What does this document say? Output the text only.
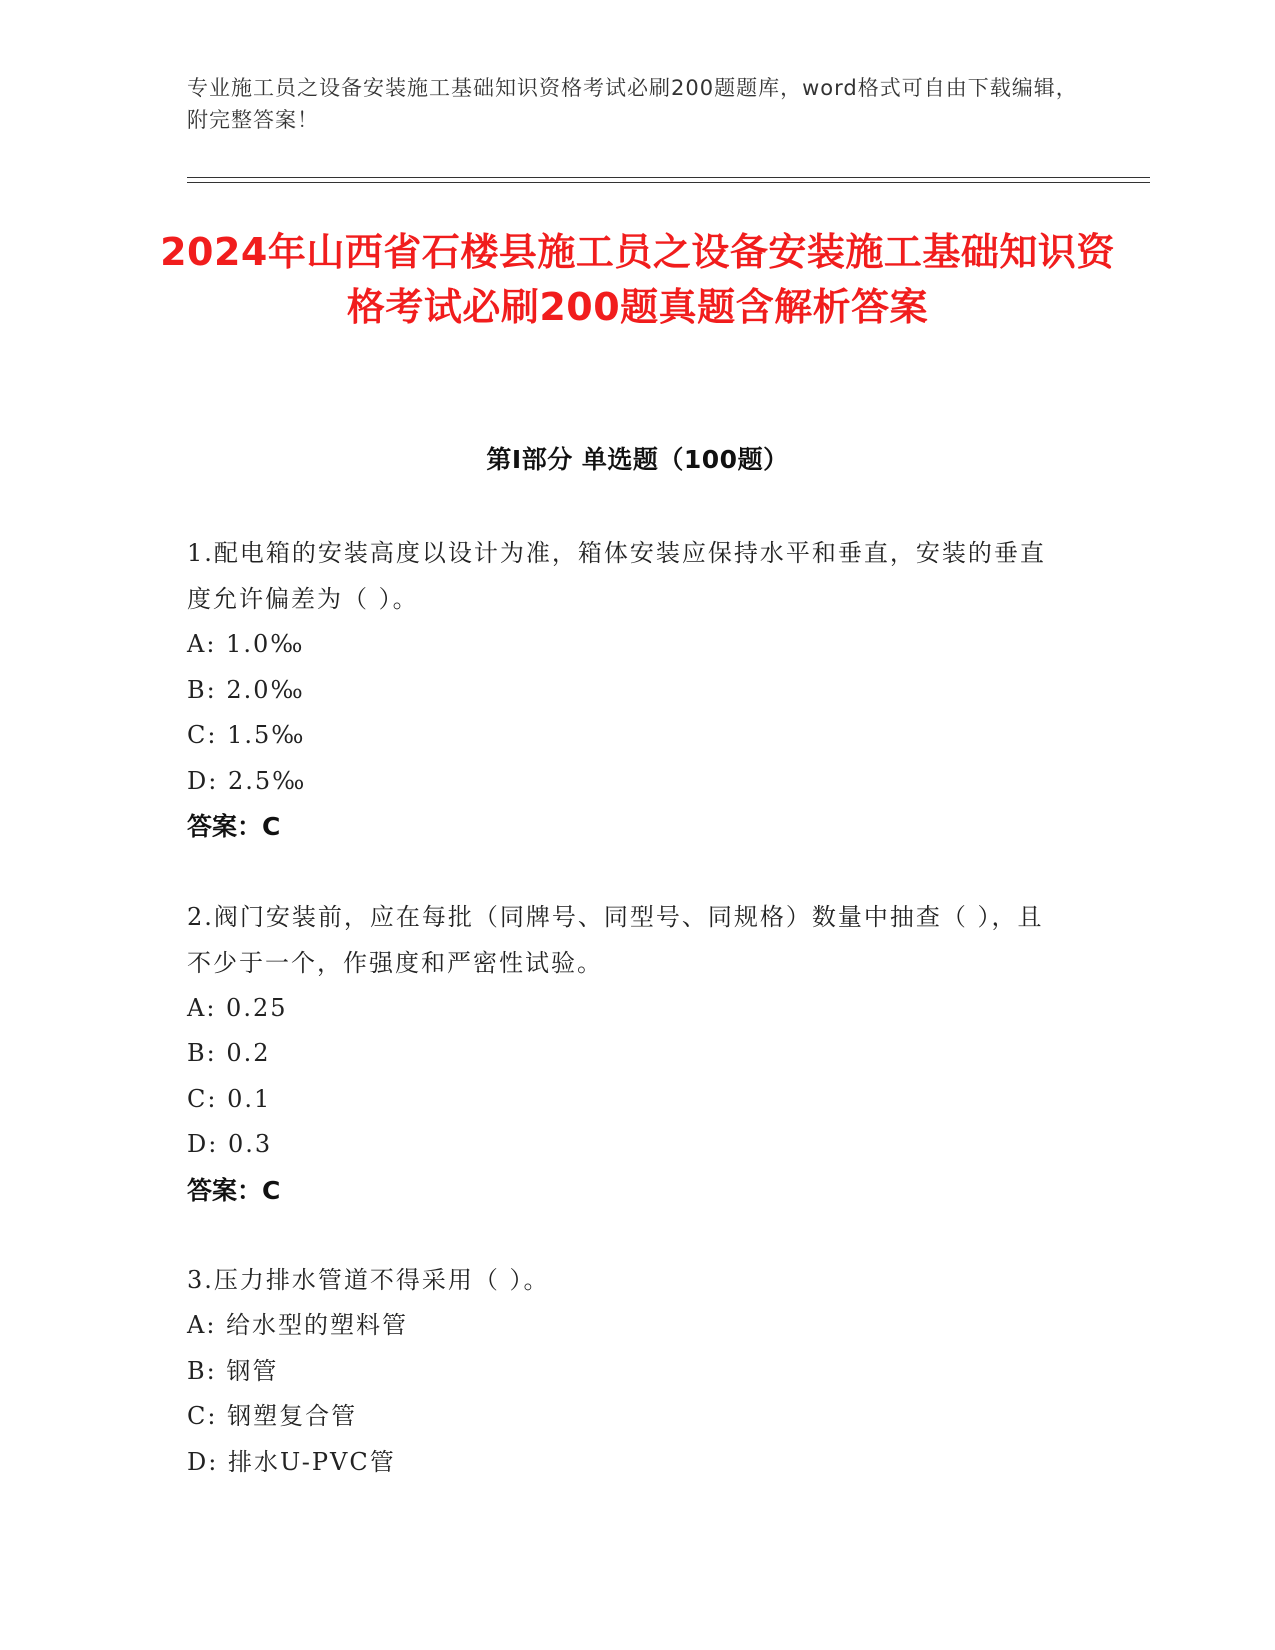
专业施工员之设备安装施工基础知识资格考试必刷200题题库，word格式可自由下载编辑，附完整答案！
2024年山西省石楼县施工员之设备安装施工基础知识资格考试必刷200题真题含解析答案
第I部分 单选题（100题）
1.配电箱的安装高度以设计为准，箱体安装应保持水平和垂直，安装的垂直度允许偏差为（ ）。
A: 1.0‰
B: 2.0‰
C: 1.5‰
D: 2.5‰
答案：C
2.阀门安装前，应在每批（同牌号、同型号、同规格）数量中抽查（ ），且不少于一个，作强度和严密性试验。
A: 0.25
B: 0.2
C: 0.1
D: 0.3
答案：C
3.压力排水管道不得采用（ ）。
A: 给水型的塑料管
B: 钢管
C: 钢塑复合管
D: 排水U-PVC管
